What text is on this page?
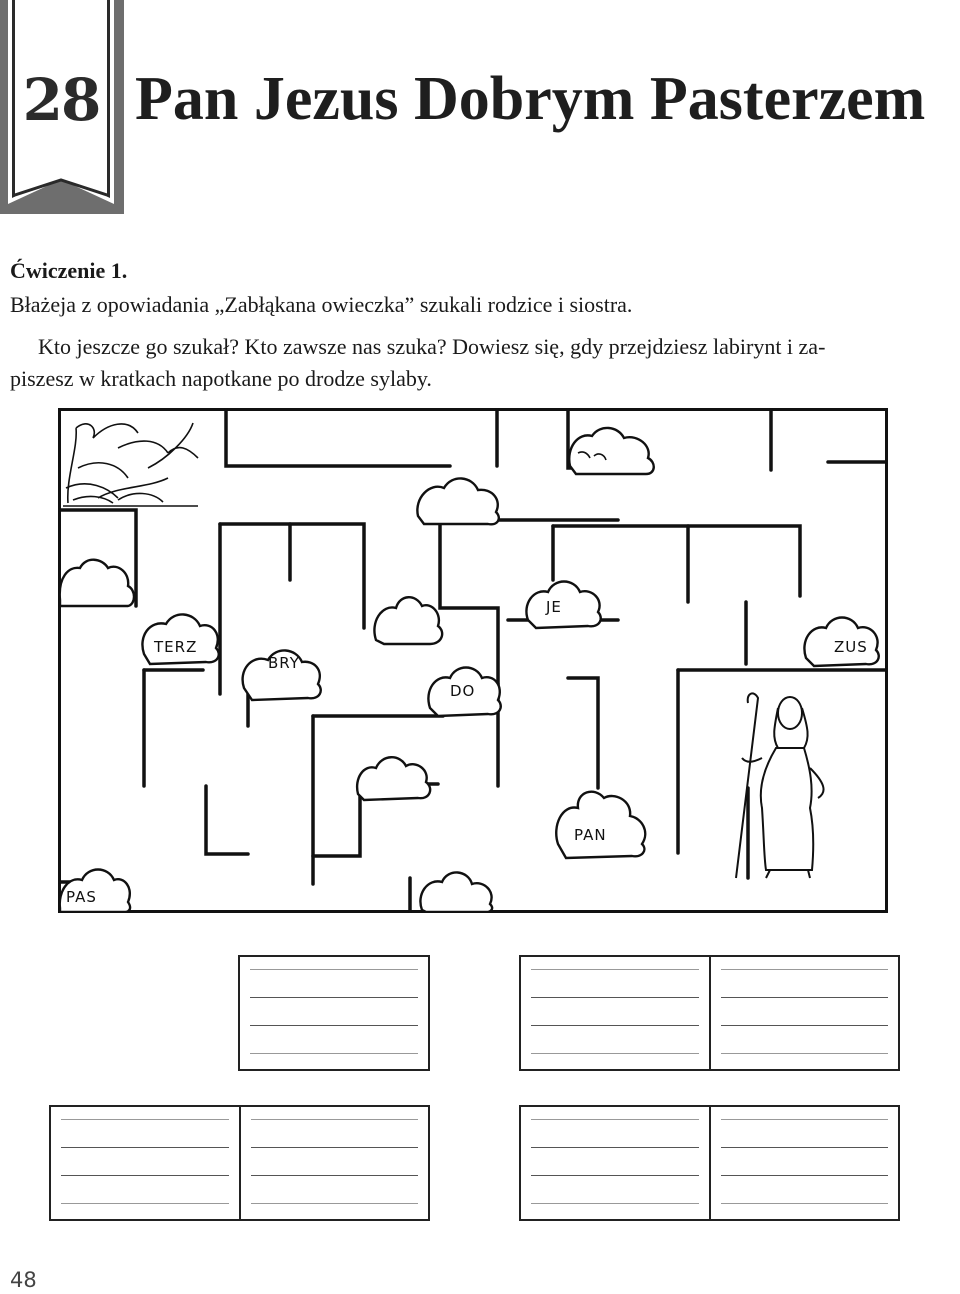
28 Pan Jezus Dobrym Pasterzem
Ćwiczenie 1.
Błażeja z opowiadania „Zabłąkana owieczka” szukali rodzice i siostra.
Kto jeszcze go szukał? Kto zawsze nas szuka? Dowiesz się, gdy przejdziesz labirynt i za-
piszesz w kratkach napotkane po drodze sylaby.
TERZ
BRY
DO
JE
ZUS
PAN
PAS
48
